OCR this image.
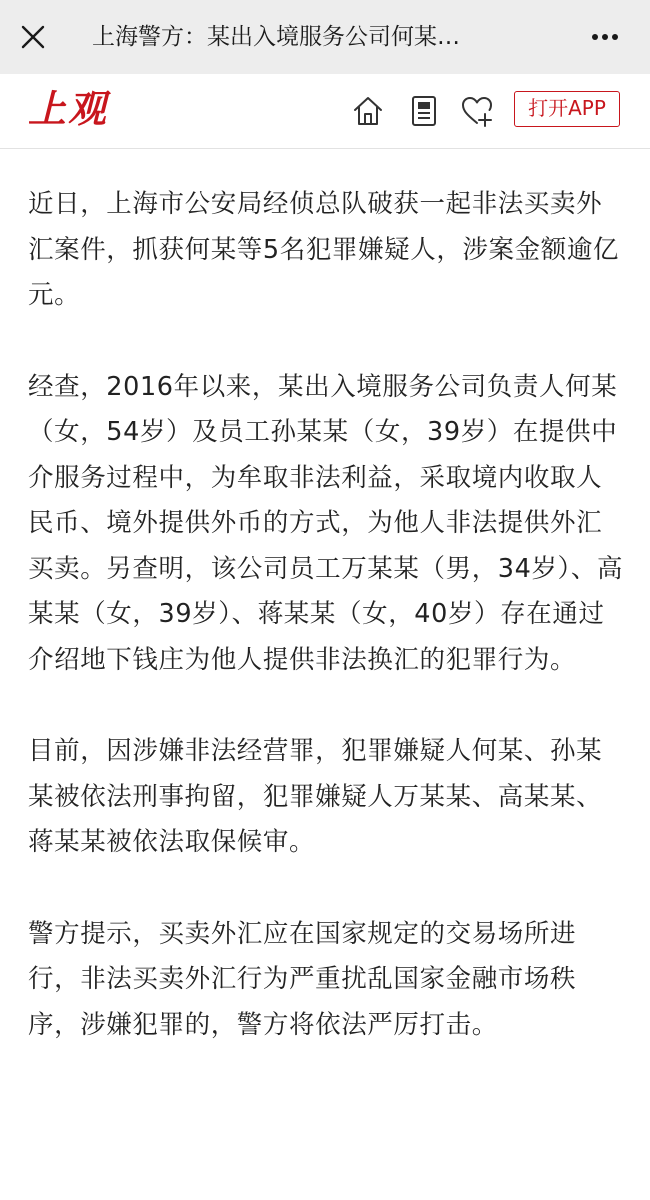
上海警方：某出入境服务公司何某…
上观	打开APP

近日，上海市公安局经侦总队破获一起非法买卖外汇案件，抓获何某等5名犯罪嫌疑人，涉案金额逾亿元。

经查，2016年以来，某出入境服务公司负责人何某（女，54岁）及员工孙某某（女，39岁）在提供中介服务过程中，为牟取非法利益，采取境内收取人民币、境外提供外币的方式，为他人非法提供外汇买卖。另查明，该公司员工万某某（男，34岁）、高某某（女，39岁）、蒋某某（女，40岁）存在通过介绍地下钱庄为他人提供非法换汇的犯罪行为。

目前，因涉嫌非法经营罪，犯罪嫌疑人何某、孙某某被依法刑事拘留，犯罪嫌疑人万某某、高某某、蒋某某被依法取保候审。

警方提示，买卖外汇应在国家规定的交易场所进行，非法买卖外汇行为严重扰乱国家金融市场秩序，涉嫌犯罪的，警方将依法严厉打击。
